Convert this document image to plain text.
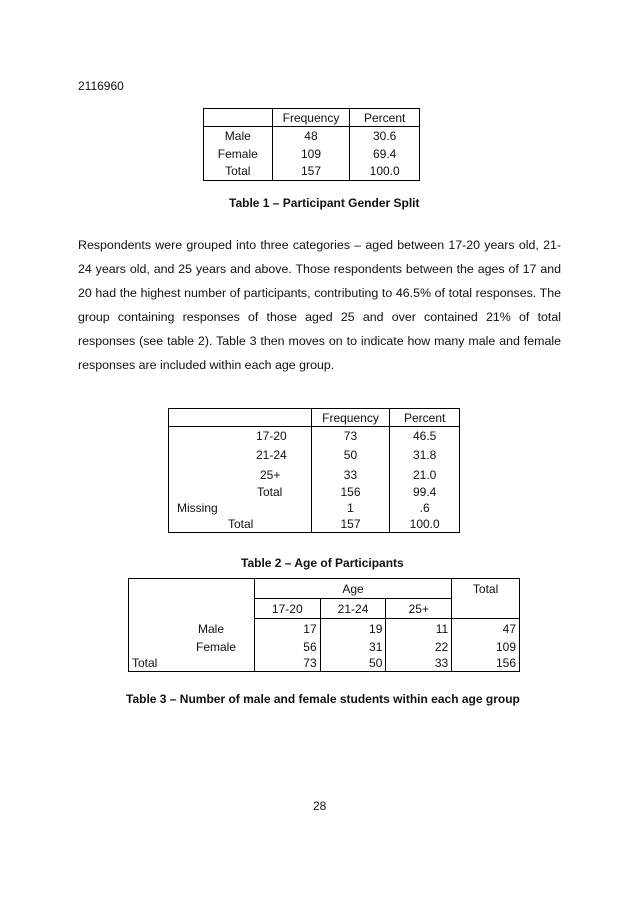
2116960
	Frequency	Percent
Male	48	30.6
Female	109	69.4
Total	157	100.0
Table 1 – Participant Gender Split

Respondents were grouped into three categories – aged between 17-20 years old, 21-24 years old, and 25 years and above. Those respondents between the ages of 17 and 20 had the highest number of participants, contributing to 46.5% of total responses. The group containing responses of those aged 25 and over contained 21% of total responses (see table 2). Table 3 then moves on to indicate how many male and female responses are included within each age group.

	Frequency	Percent
17-20	73	46.5
21-24	50	31.8
25+	33	21.0
Total	156	99.4
Missing	1	.6
Total	157	100.0
Table 2 – Age of Participants
	Age			Total
	17-20	21-24	25+	
Male	17	19	11	47
Female	56	31	22	109
Total	73	50	33	156
Table 3 – Number of male and female students within each age group
28
